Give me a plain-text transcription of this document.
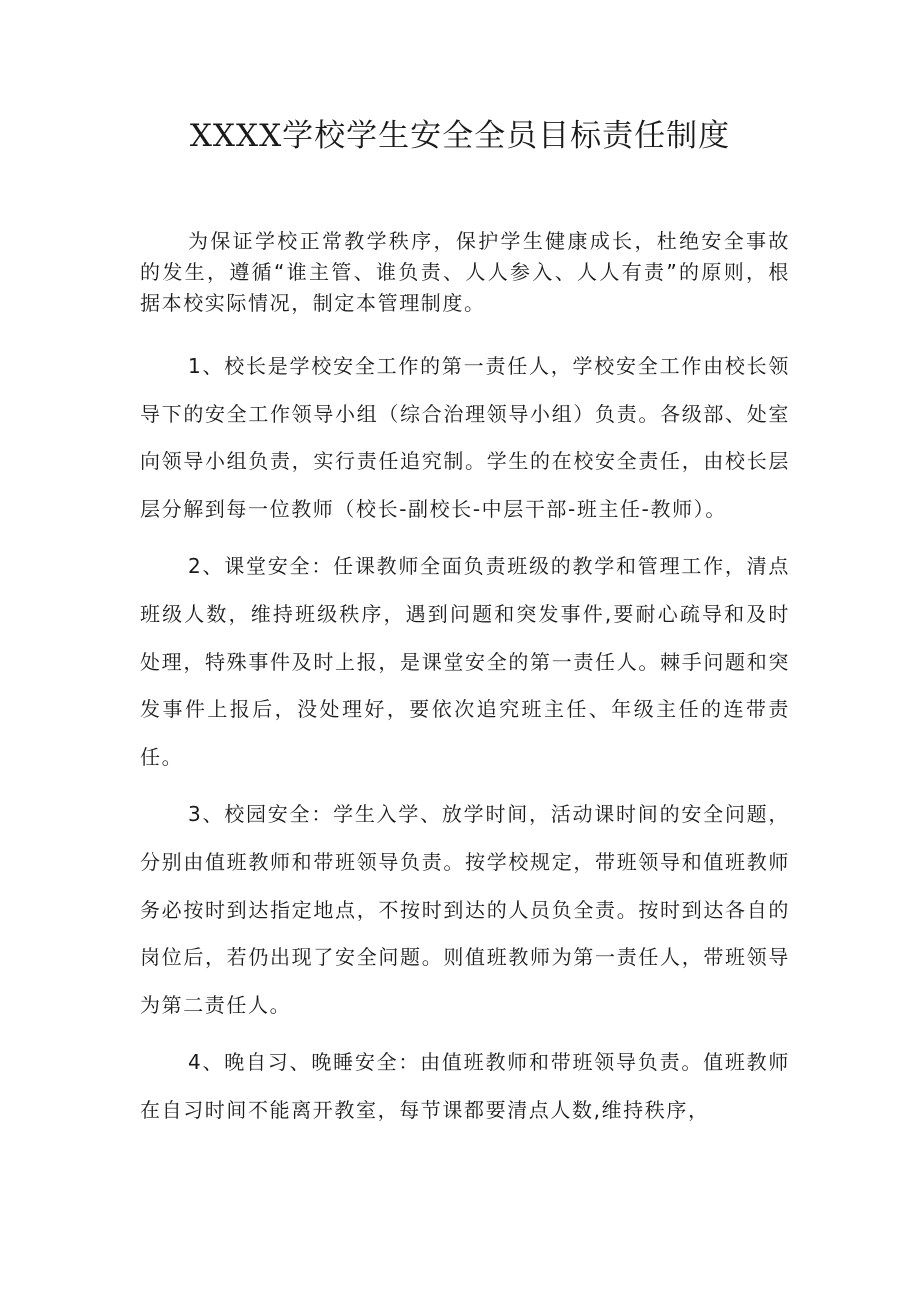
XXXX学校学生安全全员目标责任制度

为保证学校正常教学秩序，保护学生健康成长，杜绝安全事故的发生，遵循“谁主管、谁负责、人人参入、人人有责”的原则，根据本校实际情况，制定本管理制度。

1、校长是学校安全工作的第一责任人，学校安全工作由校长领导下的安全工作领导小组（综合治理领导小组）负责。各级部、处室向领导小组负责，实行责任追究制。学生的在校安全责任，由校长层层分解到每一位教师（校长-副校长-中层干部-班主任-教师）。

2、课堂安全：任课教师全面负责班级的教学和管理工作，清点班级人数，维持班级秩序，遇到问题和突发事件,要耐心疏导和及时处理，特殊事件及时上报，是课堂安全的第一责任人。棘手问题和突发事件上报后，没处理好，要依次追究班主任、年级主任的连带责任。

3、校园安全：学生入学、放学时间，活动课时间的安全问题，分别由值班教师和带班领导负责。按学校规定，带班领导和值班教师务必按时到达指定地点，不按时到达的人员负全责。按时到达各自的岗位后，若仍出现了安全问题。则值班教师为第一责任人，带班领导为第二责任人。

4、晚自习、晚睡安全：由值班教师和带班领导负责。值班教师在自习时间不能离开教室，每节课都要清点人数,维持秩序，
